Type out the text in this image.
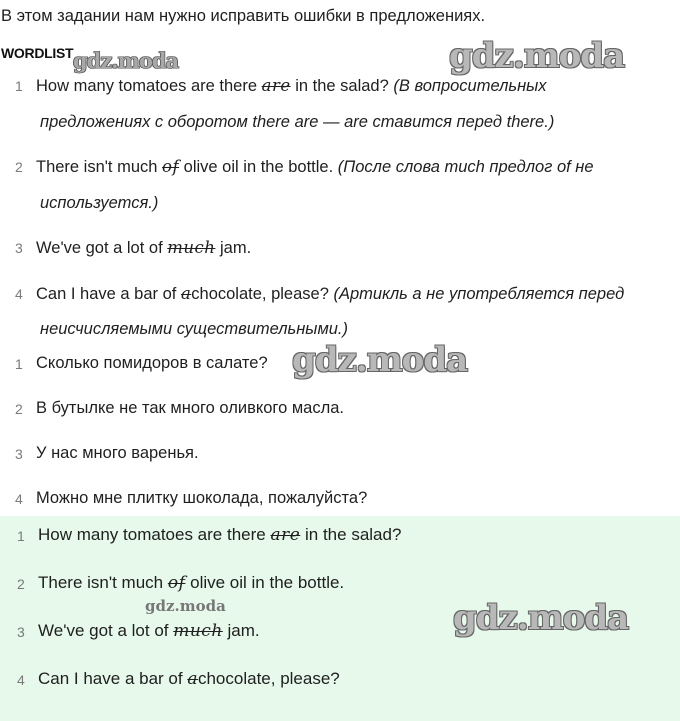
В этом задании нам нужно исправить ошибки в предложениях.
WORDLIST
1 How many tomatoes are there are in the salad? (В вопросительных
предложениях с оборотом there are — are ставится перед there.)
2 There isn't much of olive oil in the bottle. (После слова much предлог of не
используется.)
3 We've got a lot of much jam.
4 Can I have a bar of achocolate, please? (Артикль a не употребляется перед
неисчисляемыми существительными.)
1 Сколько помидоров в салате?
2 В бутылке не так много оливкого масла.
3 У нас много варенья.
4 Можно мне плитку шоколада, пожалуйста?
1 How many tomatoes are there are in the salad?
2 There isn't much of olive oil in the bottle.
3 We've got a lot of much jam.
4 Can I have a bar of achocolate, please?
gdz.moda	gdz.moda
gdz.moda
gdz.moda	gdz.moda
